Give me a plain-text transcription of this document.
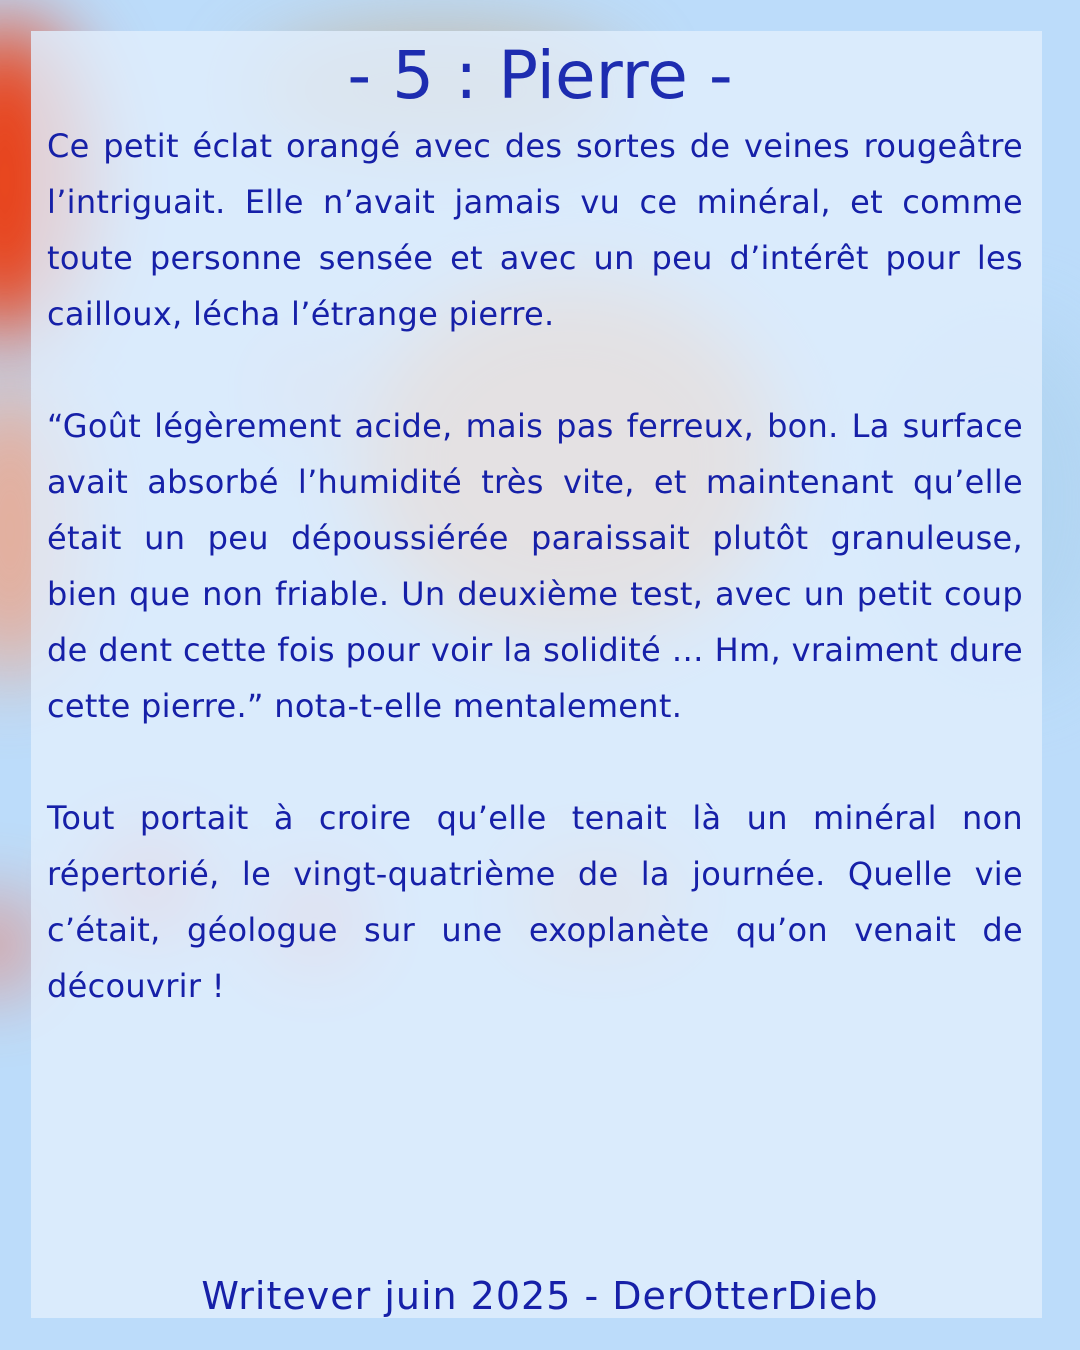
- 5 : Pierre -

Ce petit éclat orangé avec des sortes de veines rougeâtre l’intriguait. Elle n’avait jamais vu ce minéral, et comme toute personne sensée et avec un peu d’intérêt pour les cailloux, lécha l’étrange pierre.

“Goût légèrement acide, mais pas ferreux, bon. La surface avait absorbé l’humidité très vite, et maintenant qu’elle était un peu dépoussiérée paraissait plutôt granuleuse, bien que non friable. Un deuxième test, avec un petit coup de dent cette fois pour voir la solidité … Hm, vraiment dure cette pierre.” nota-t-elle mentalement.

Tout portait à croire qu’elle tenait là un minéral non répertorié, le vingt-quatrième de la journée. Quelle vie c’était, géologue sur une exoplanète qu’on venait de découvrir !

Writever juin 2025 - DerOtterDieb
